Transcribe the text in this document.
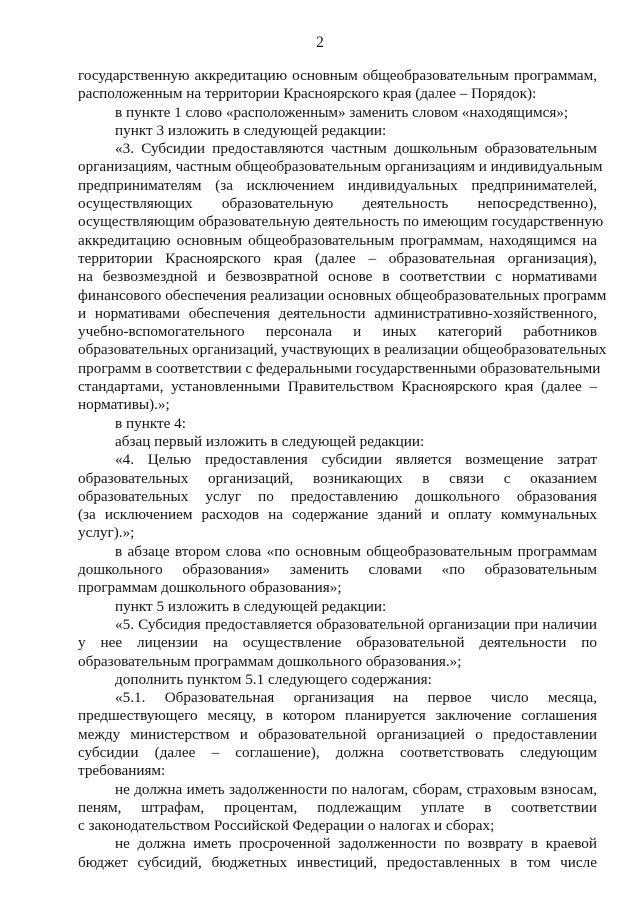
2

государственную аккредитацию основным общеобразовательным программам,

расположенным на территории Красноярского края (далее – Порядок):

в пункте 1 слово «расположенным» заменить словом «находящимся»;

пункт 3 изложить в следующей редакции:

«3. Субсидии предоставляются частным дошкольным образовательным

организациям, частным общеобразовательным организациям и индивидуальным

предпринимателям (за исключением индивидуальных предпринимателей,

осуществляющих образовательную деятельность непосредственно),

осуществляющим образовательную деятельность по имеющим государственную

аккредитацию основным общеобразовательным программам, находящимся на

территории Красноярского края (далее – образовательная организация),

на безвозмездной и безвозвратной основе в соответствии с нормативами

финансового обеспечения реализации основных общеобразовательных программ

и нормативами обеспечения деятельности административно-хозяйственного,

учебно-вспомогательного персонала и иных категорий работников

образовательных организаций, участвующих в реализации общеобразовательных

программ в соответствии с федеральными государственными образовательными

стандартами, установленными Правительством Красноярского края (далее –

нормативы).»;

в пункте 4:

абзац первый изложить в следующей редакции:

«4. Целью предоставления субсидии является возмещение затрат

образовательных организаций, возникающих в связи с оказанием

образовательных услуг по предоставлению дошкольного образования

(за исключением расходов на содержание зданий и оплату коммунальных

услуг).»;

в абзаце втором слова «по основным общеобразовательным программам

дошкольного образования» заменить словами «по образовательным

программам дошкольного образования»;

пункт 5 изложить в следующей редакции:

«5. Субсидия предоставляется образовательной организации при наличии

у нее лицензии на осуществление образовательной деятельности по

образовательным программам дошкольного образования.»;

дополнить пунктом 5.1 следующего содержания:

«5.1. Образовательная организация на первое число месяца,

предшествующего месяцу, в котором планируется заключение соглашения

между министерством и образовательной организацией о предоставлении

субсидии (далее – соглашение), должна соответствовать следующим

требованиям:

не должна иметь задолженности по налогам, сборам, страховым взносам,

пеням, штрафам, процентам, подлежащим уплате в соответствии

с законодательством Российской Федерации о налогах и сборах;

не должна иметь просроченной задолженности по возврату в краевой

бюджет субсидий, бюджетных инвестиций, предоставленных в том числе
